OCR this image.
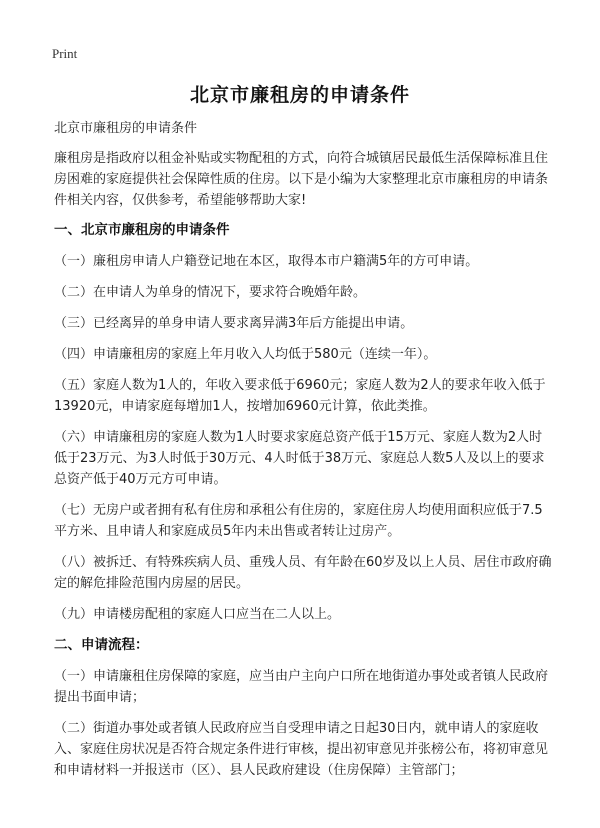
Print
北京市廉租房的申请条件
北京市廉租房的申请条件
廉租房是指政府以租金补贴或实物配租的方式，向符合城镇居民最低生活保障标准且住房困难的家庭提供社会保障性质的住房。以下是小编为大家整理北京市廉租房的申请条件相关内容，仅供参考，希望能够帮助大家!
一、北京市廉租房的申请条件
（一）廉租房申请人户籍登记地在本区，取得本市户籍满5年的方可申请。
（二）在申请人为单身的情况下，要求符合晚婚年龄。
（三）已经离异的单身申请人要求离异满3年后方能提出申请。
（四）申请廉租房的家庭上年月收入人均低于580元（连续一年）。
（五）家庭人数为1人的，年收入要求低于6960元；家庭人数为2人的要求年收入低于13920元，申请家庭每增加1人，按增加6960元计算，依此类推。
（六）申请廉租房的家庭人数为1人时要求家庭总资产低于15万元、家庭人数为2人时低于23万元、为3人时低于30万元、4人时低于38万元、家庭总人数5人及以上的要求总资产低于40万元方可申请。
（七）无房户或者拥有私有住房和承租公有住房的，家庭住房人均使用面积应低于7.5平方米、且申请人和家庭成员5年内未出售或者转让过房产。
（八）被拆迁、有特殊疾病人员、重残人员、有年龄在60岁及以上人员、居住市政府确定的解危排险范围内房屋的居民。
（九）申请楼房配租的家庭人口应当在二人以上。
二、申请流程：
（一）申请廉租住房保障的家庭，应当由户主向户口所在地街道办事处或者镇人民政府提出书面申请；
（二）街道办事处或者镇人民政府应当自受理申请之日起30日内，就申请人的家庭收入、家庭住房状况是否符合规定条件进行审核，提出初审意见并张榜公布，将初审意见和申请材料一并报送市（区）、县人民政府建设（住房保障）主管部门；
